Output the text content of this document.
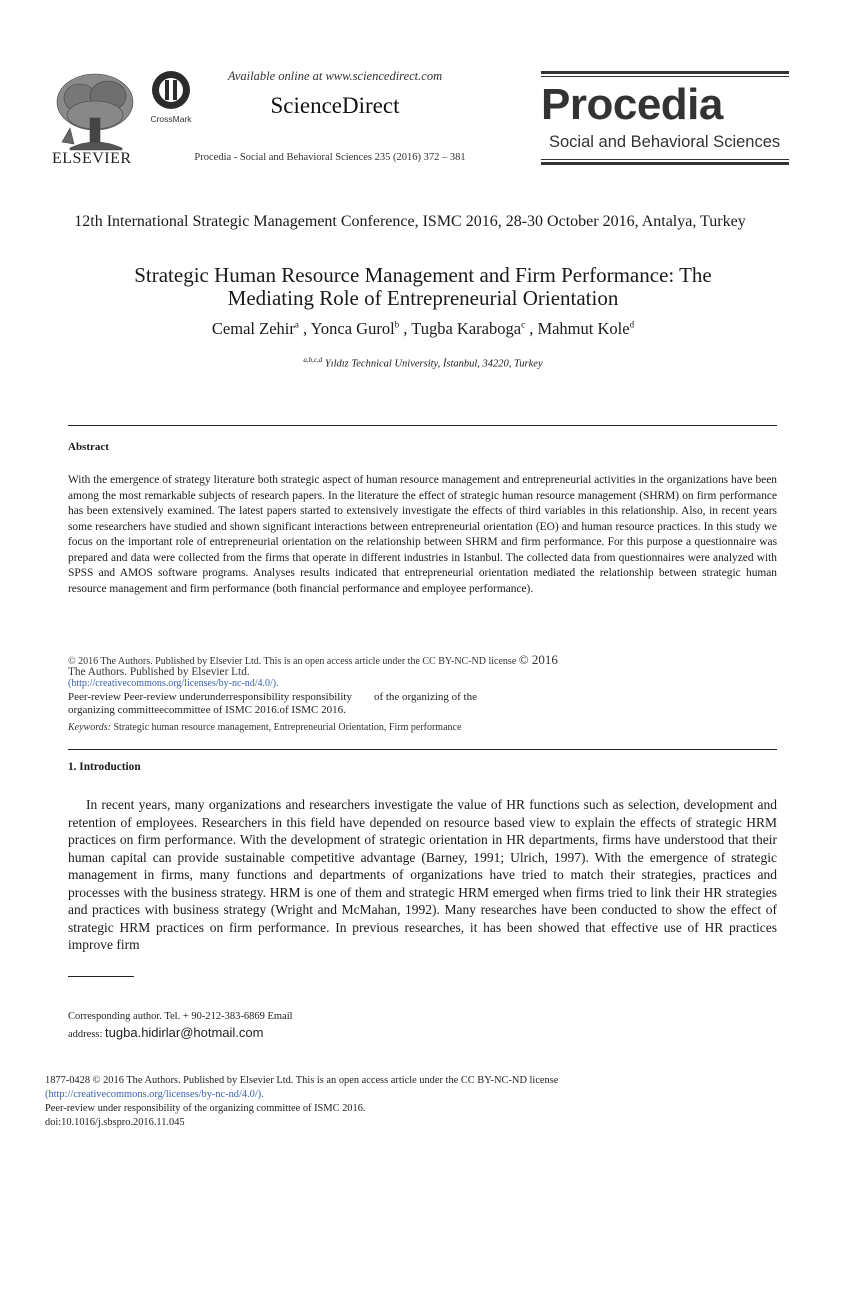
ELSEVIER
CrossMark
Available online at www.sciencedirect.com
ScienceDirect
Procedia - Social and Behavioral Sciences 235 (2016) 372 – 381
Procedia
Social and Behavioral Sciences
12th International Strategic Management Conference, ISMC 2016, 28-30 October 2016, Antalya, Turkey
Strategic Human Resource Management and Firm Performance: The
Mediating Role of Entrepreneurial Orientation
Cemal Zehir$^a$ , Yonca Gurol$^b$ , Tugba Karaboga$^c$ , Mahmut Kole$^d$
$^{a,b,c,d}$ Yıldız Technical University, İstanbul, 34220, Turkey
Abstract
With the emergence of strategy literature both strategic aspect of human resource management and entrepreneurial activities in the organizations have been among the most remarkable subjects of research papers. In the literature the effect of strategic human resource management (SHRM) on firm performance has been extensively examined. The latest papers started to extensively investigate the effects of third variables in this relationship. Also, in recent years some researchers have studied and shown significant interactions between entrepreneurial orientation (EO) and human resource practices. In this study we focus on the important role of entrepreneurial orientation on the relationship between SHRM and firm performance. For this purpose a questionnaire was prepared and data were collected from the firms that operate in different industries in Istanbul. The collected data from questionnaires were analyzed with SPSS and AMOS software programs. Analyses results indicated that entrepreneurial orientation mediated the relationship between strategic human resource management and firm performance (both financial performance and employee performance).
© 2016 The Authors. Published by Elsevier Ltd. This is an open access article under the CC BY-NC-ND license © 2016
The Authors. Published by Elsevier Ltd.
(http://creativecommons.org/licenses/by-nc-nd/4.0/).
Peer-review Peer-review underunderresponsibility responsibility        of the organizing of the
organizing committeecommittee of ISMC 2016.of ISMC 2016.
Keywords: Strategic human resource management, Entrepreneurial Orientation, Firm performance
1. Introduction
In recent years, many organizations and researchers investigate the value of HR functions such as selection, development and retention of employees. Researchers in this field have depended on resource based view to explain the effects of strategic HRM practices on firm performance. With the development of strategic orientation in HR departments, firms have understood that their human capital can provide sustainable competitive advantage (Barney, 1991; Ulrich, 1997). With the emergence of strategic management in firms, many functions and departments of organizations have tried to match their strategies, practices and processes with the business strategy. HRM is one of them and strategic HRM emerged when firms tried to link their HR strategies and practices with business strategy (Wright and McMahan, 1992). Many researches have been conducted to show the effect of strategic HRM practices on firm performance. In previous researches, it has been showed that effective use of HR practices improve firm
Corresponding author. Tel. + 90-212-383-6869 Email
address: tugba.hidirlar@hotmail.com
1877-0428 © 2016 The Authors. Published by Elsevier Ltd. This is an open access article under the CC BY-NC-ND license
(http://creativecommons.org/licenses/by-nc-nd/4.0/).
Peer-review under responsibility of the organizing committee of ISMC 2016.
doi:10.1016/j.sbspro.2016.11.045
